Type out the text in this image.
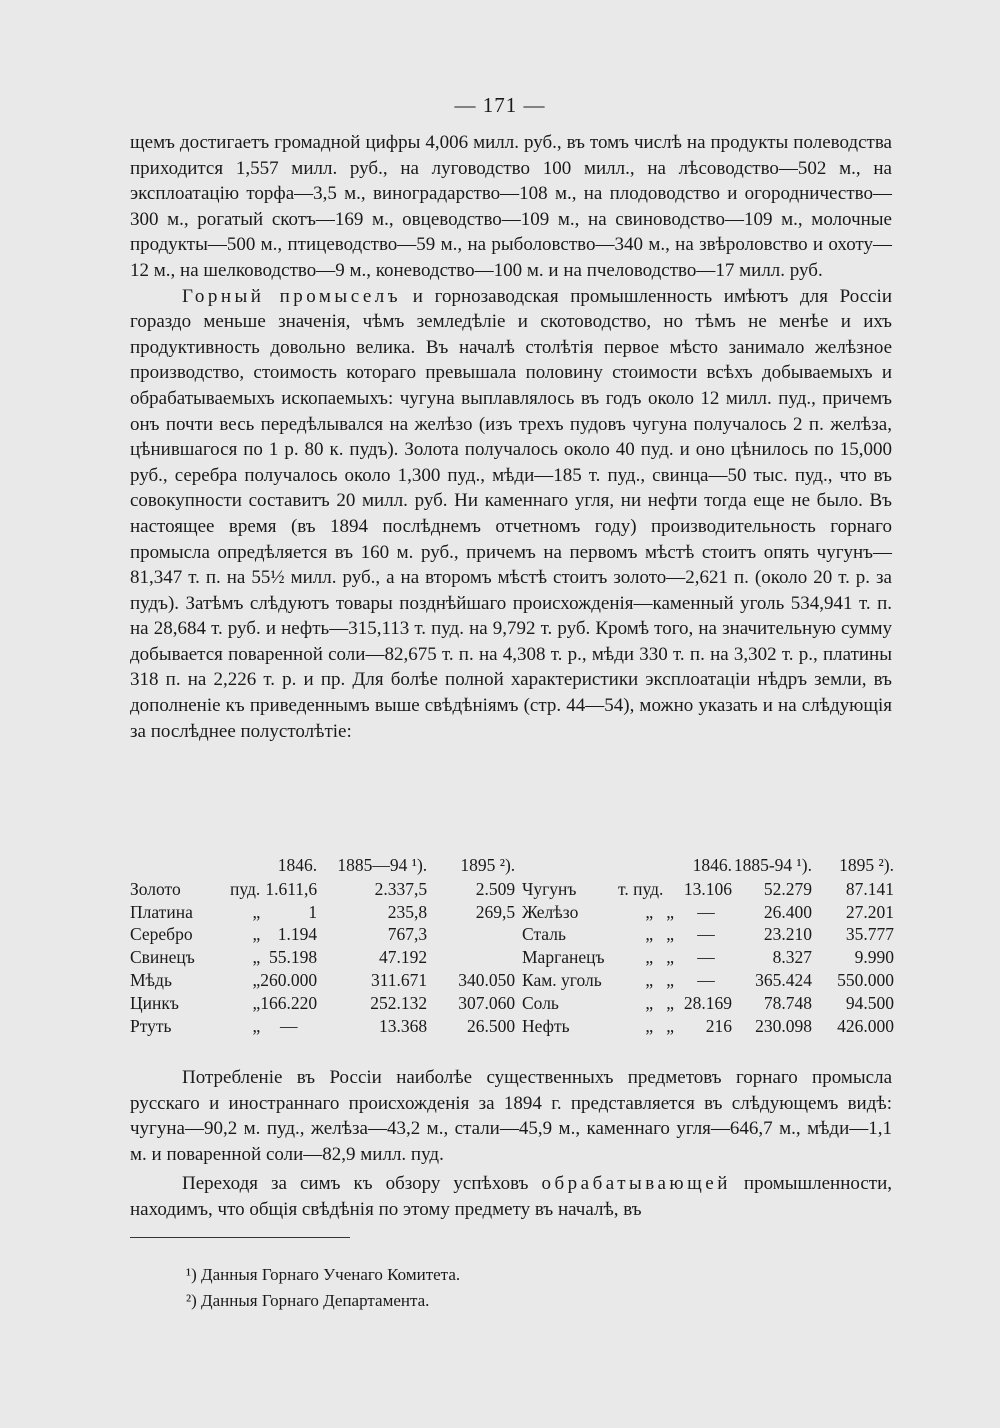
— 171 —

щемъ достигаетъ громадной цифры 4,006 милл. руб., въ томъ числѣ на продукты полеводства приходится 1,557 милл. руб., на луговодство 100 милл., на лѣсоводство—502 м., на эксплоатацію торфа—3,5 м., виноградарство—108 м., на плодоводство и огородничество—300 м., рогатый скотъ—169 м., овцеводство—109 м., на свиноводство—109 м., молочные продукты—500 м., птицеводство—59 м., на рыболовство—340 м., на звѣроловство и охоту—12 м., на шелководство—9 м., коневодство—100 м. и на пчеловодство—17 милл. руб.

Горный промыселъ и горнозаводская промышленность имѣютъ для Россіи гораздо меньше значенія, чѣмъ земледѣліе и скотоводство, но тѣмъ не менѣе и ихъ продуктивность довольно велика. Въ началѣ столѣтія первое мѣсто занимало желѣзное производство, стоимость котораго превышала половину стоимости всѣхъ добываемыхъ и обрабатываемыхъ ископаемыхъ: чугуна выплавлялось въ годъ около 12 милл. пуд., причемъ онъ почти весь передѣлывался на желѣзо (изъ трехъ пудовъ чугуна получалось 2 п. желѣза, цѣнившагося по 1 р. 80 к. пудъ). Золота получалось около 40 пуд. и оно цѣнилось по 15,000 руб., серебра получалось около 1,300 пуд., мѣди—185 т. пуд., свинца—50 тыс. пуд., что въ совокупности составитъ 20 милл. руб. Ни каменнаго угля, ни нефти тогда еще не было. Въ настоящее время (въ 1894 послѣднемъ отчетномъ году) производительность горнаго промысла опредѣляется въ 160 м. руб., причемъ на первомъ мѣстѣ стоитъ опять чугунъ—81,347 т. п. на 55½ милл. руб., а на второмъ мѣстѣ стоитъ золото—2,621 п. (около 20 т. р. за пудъ). Затѣмъ слѣдуютъ товары позднѣйшаго происхожденія—каменный уголь 534,941 т. п. на 28,684 т. руб. и нефть—315,113 т. пуд. на 9,792 т. руб. Кромѣ того, на значительную сумму добывается поваренной соли—82,675 т. п. на 4,308 т. р., мѣди 330 т. п. на 3,302 т. р., платины 318 п. на 2,226 т. р. и пр. Для болѣе полной характеристики эксплоатаціи нѣдръ земли, въ дополненіе къ приведеннымъ выше свѣдѣніямъ (стр. 44—54), можно указать и на слѣдующія за послѣднее полустолѣтіе:

		1846.	1885—94 ¹).	1895 ²).
Золото	пуд.	1.611,6	2.337,5	2.509
Платина	„	1	235,8	269,5
Серебро	„	1.194	767,3	
Свинецъ	„	55.198	47.192	
Мѣдь	„	260.000	311.671	340.050
Цинкъ	„	166.220	252.132	307.060
Ртуть	„	—	13.368	26.500
		1846.	1885-94 ¹).	1895 ²).
Чугунъ	т. пуд.	13.106	52.279	87.141
Желѣзо	„   „	—	26.400	27.201
Сталь	„   „	—	23.210	35.777
Марганецъ	„   „	—	8.327	9.990
Кам. уголь	„   „	—	365.424	550.000
Соль	„   „	28.169	78.748	94.500
Нефть	„   „	216	230.098	426.000

Потребленіе въ Россіи наиболѣе существенныхъ предметовъ горнаго промысла русскаго и иностраннаго происхожденія за 1894 г. представляется въ слѣдующемъ видѣ: чугуна—90,2 м. пуд., желѣза—43,2 м., стали—45,9 м., каменнаго угля—646,7 м., мѣди—1,1 м. и поваренной соли—82,9 милл. пуд.

Переходя за симъ къ обзору успѣховъ обрабатывающей промышленности, находимъ, что общія свѣдѣнія по этому предмету въ началѣ, въ

¹) Данныя Горнаго Ученаго Комитета.
²) Данныя Горнаго Департамента.
